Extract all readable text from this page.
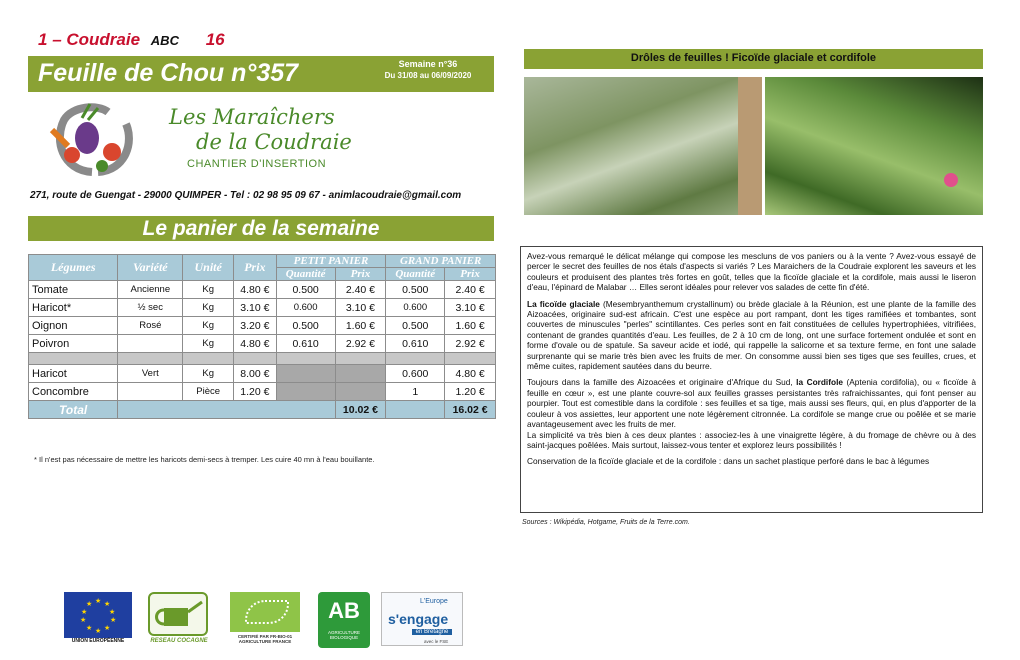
1 – Coudraie ABC 16
Feuille de Chou n°357	Semaine n°36
Du 31/08 au 06/09/2020
Les Maraîchers
de la Coudraie
CHANTIER D'INSERTION
271, route de Guengat - 29000 QUIMPER - Tel : 02 98 95 09 67 - animlacoudraie@gmail.com
Le panier de la semaine
Légumes	Variété	Unité	Prix	PETIT PANIER		GRAND PANIER	
				Quantité	Prix	Quantité	Prix
Tomate	Ancienne	Kg	4.80 €	0.500	2.40 €	0.500	2.40 €
Haricot*	½ sec	Kg	3.10 €	0.600	3.10 €	0.600	3.10 €
Oignon	Rosé	Kg	3.20 €	0.500	1.60 €	0.500	1.60 €
Poivron		Kg	4.80 €	0.610	2.92 €	0.610	2.92 €

Haricot	Vert	Kg	8.00 €			0.600	4.80 €
Concombre		Pièce	1.20 €			1	1.20 €
Total					10.02 €		16.02 €
* Il n'est pas nécessaire de mettre les haricots demi-secs à tremper. Les cuire 40 mn à l'eau bouillante.
Drôles de feuilles ! Ficoïde glaciale et cordifole

Avez-vous remarqué le délicat mélange qui compose les mescluns de vos paniers ou à la vente ? Avez-vous essayé de percer le secret des feuilles de nos étals d'aspects si variés ? Les Maraichers de la Coudraie explorent les saveurs et les couleurs et produisent des plantes très fortes en goût, telles que la ficoïde glaciale et la cordifole, mais aussi le liseron d'eau, l'épinard de Malabar … Elles seront idéales pour relever vos salades de cette fin d'été.

La ficoïde glaciale (Mesembryanthemum crystallinum) ou brède glaciale à la Réunion, est une plante de la famille des Aizoacées, originaire sud-est africain. C'est une espèce au port rampant, dont les tiges ramifiées et tombantes, sont couvertes de minuscules "perles" scintillantes. Ces perles sont en fait constituées de cellules hypertrophiées, vitrifiées, contenant de grandes quantités d'eau. Les feuilles, de 2 à 10 cm de long, ont une surface fortement ondulée et sont en forme d'ovale ou de spatule. Sa saveur acide et iodé, qui rappelle la salicorne et sa texture ferme, en font une salade surprenante qui se marie très bien avec les fruits de mer. On consomme aussi bien ses tiges que ses feuilles, crues, et même cuites, rapidement sautées dans du beurre.

Toujours dans la famille des Aizoacées et originaire d'Afrique du Sud, la Cordifole (Aptenia cordifolia), ou « ficoïde à feuille en cœur », est une plante couvre-sol aux feuilles grasses persistantes très rafraichissantes, qui font penser au pourpier. Tout est comestible dans la cordifole : ses feuilles et sa tige, mais aussi ses fleurs, qui, en plus d'apporter de la couleur à vos assiettes, leur apportent une note légèrement citronnée. La cordifole se mange crue ou poêlée et se marie avantageusement avec les fruits de mer.

La simplicité va très bien à ces deux plantes : associez-les à une vinaigrette légère, à du fromage de chèvre ou à des saint-jacques poêlées. Mais surtout, laissez-vous tenter et explorez leurs possibilités !

Conservation de la ficoïde glaciale et de la cordifole : dans un sachet plastique perforé dans le bac à légumes

Sources : Wikipédia, Hotgame, Fruits de la Terre.com.
★ ★
★
★
★
★
★
★
★
★
UNION EUROPÉENNE	RESEAU COCAGNE
CERTIFIÉ PAR FR-BIO-01
AGRICULTURE FRANCE
AB
AGRICULTURE
BIOLOGIQUE
L'Europe
s'engage
en Bretagne
avec le FSE
